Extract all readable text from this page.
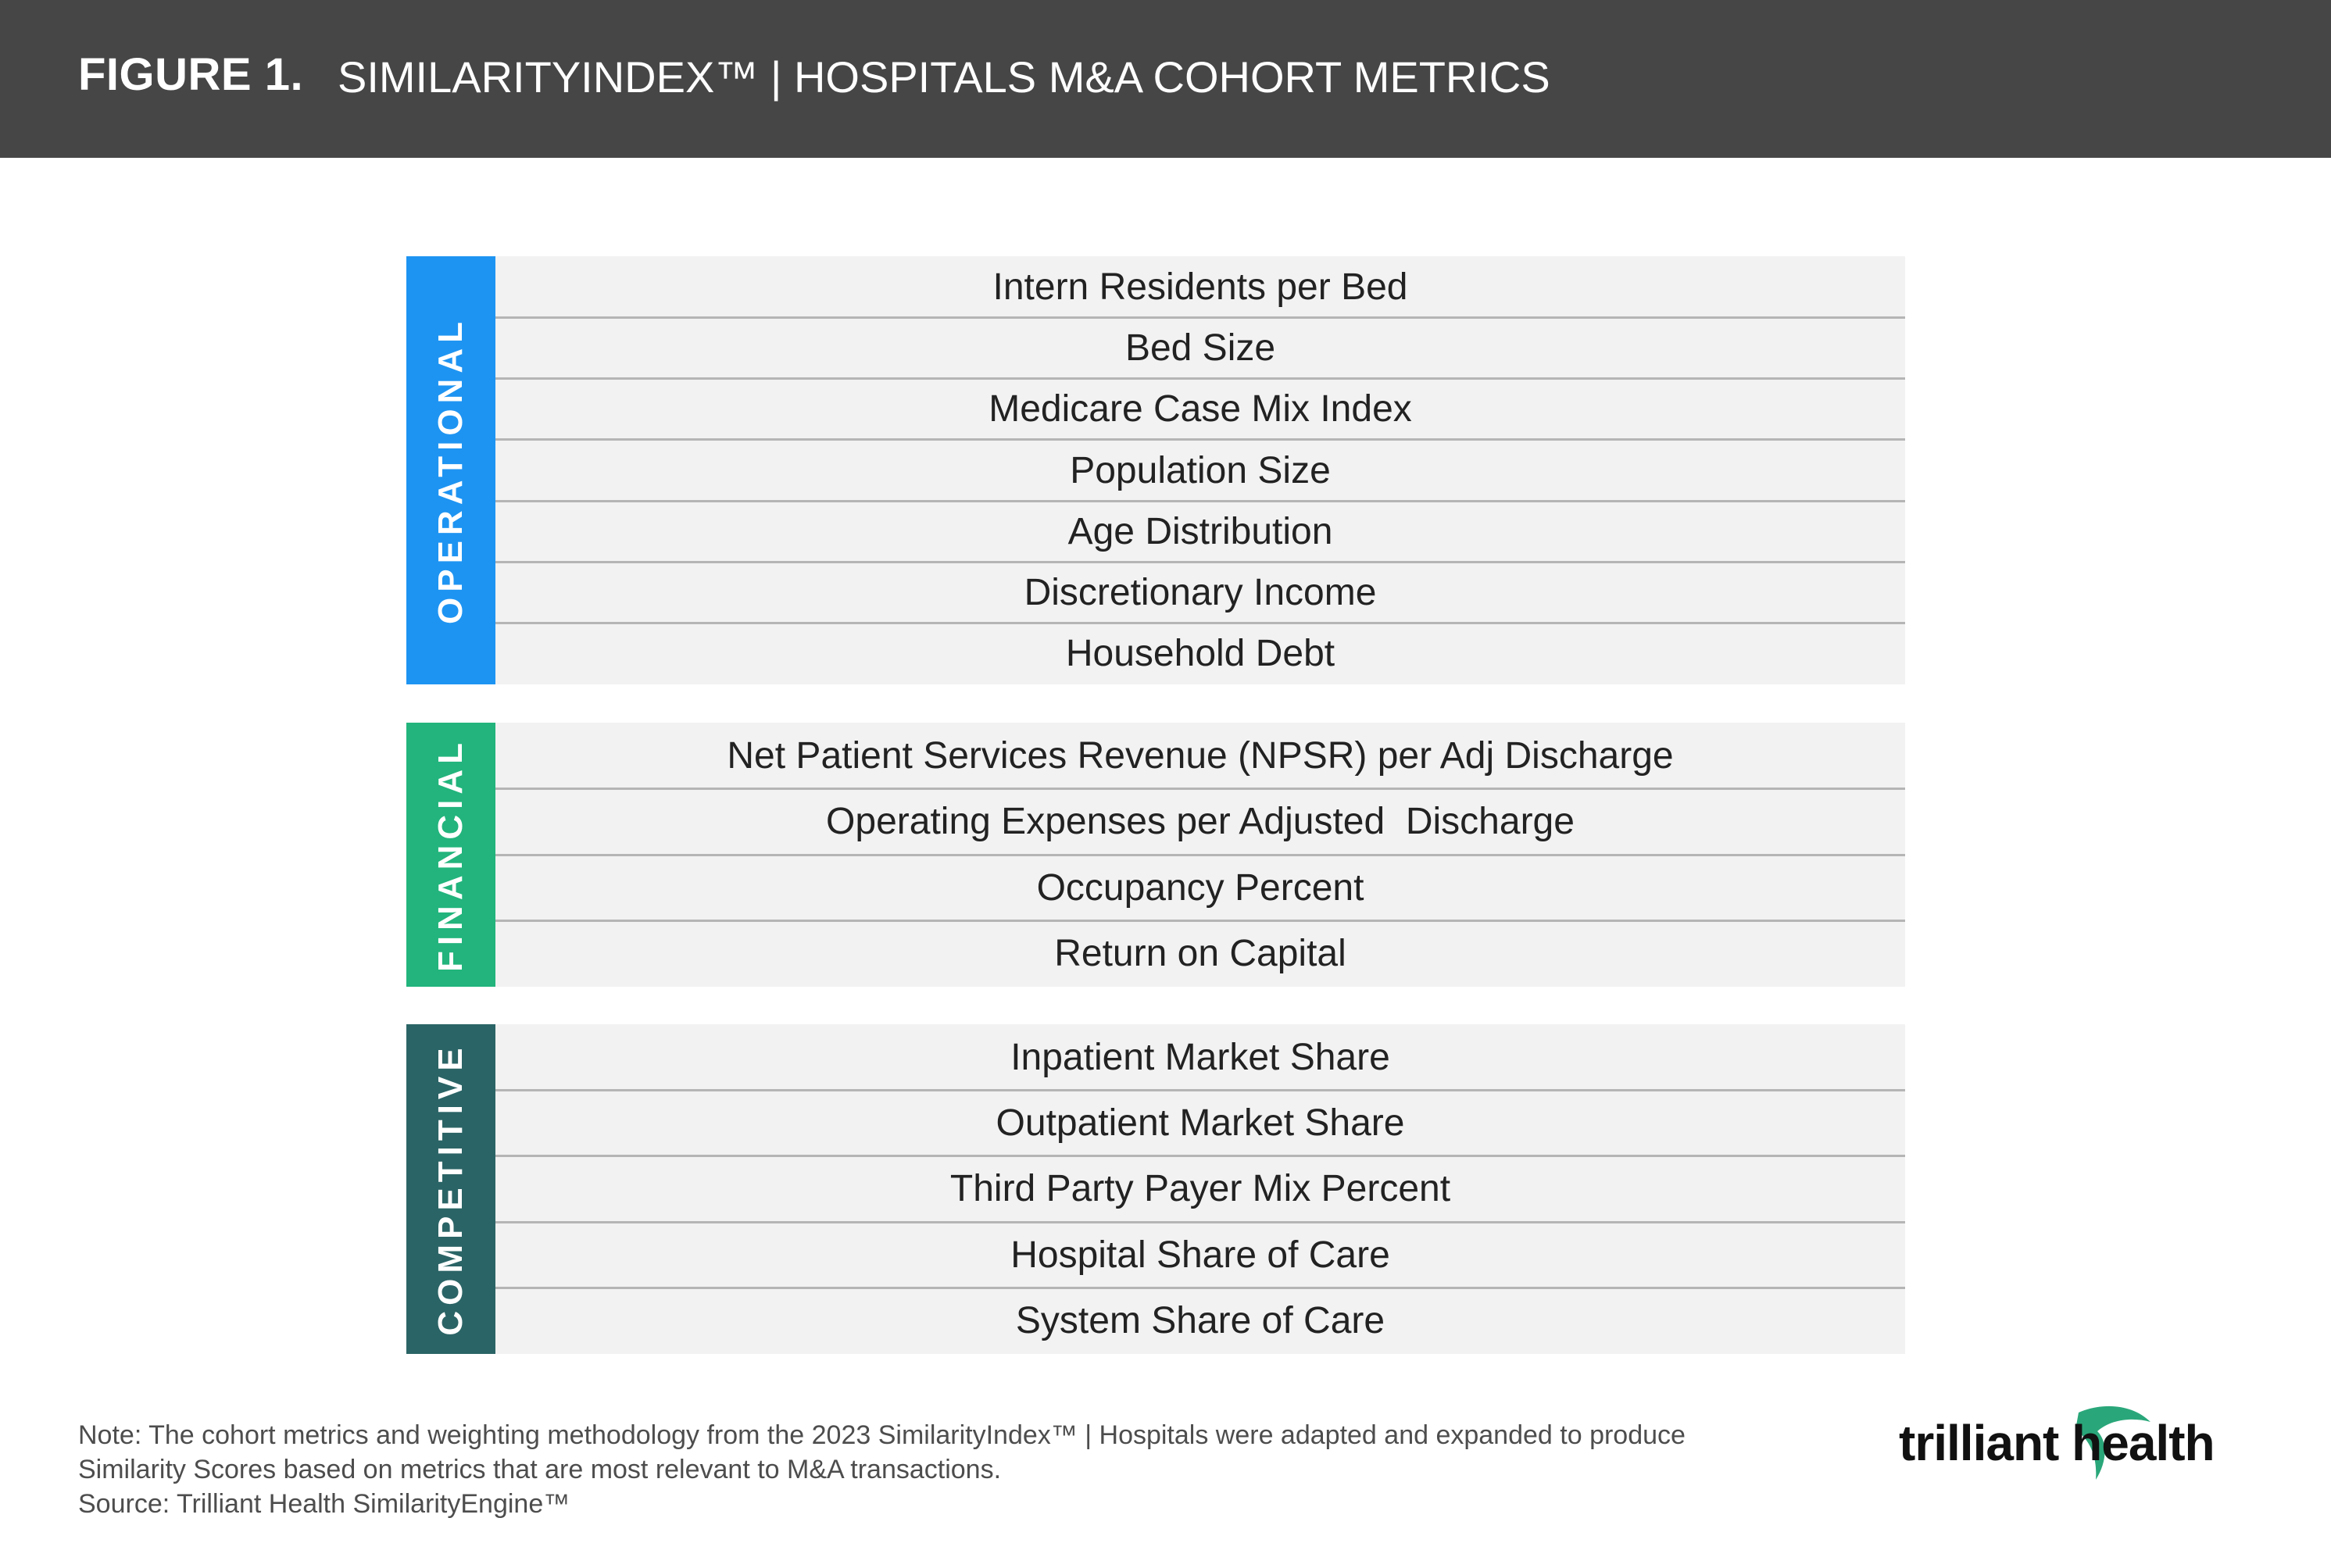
FIGURE 1. SIMILARITYINDEX™ | HOSPITALS M&A COHORT METRICS
OPERATIONAL
Intern Residents per Bed
Bed Size
Medicare Case Mix Index
Population Size
Age Distribution
Discretionary Income
Household Debt
FINANCIAL	Net Patient Services Revenue (NPSR) per Adj Discharge
Operating Expenses per Adjusted  Discharge
Occupancy Percent
Return on Capital
COMPETITIVE	Inpatient Market Share
Outpatient Market Share
Third Party Payer Mix Percent
Hospital Share of Care
System Share of Care
Note: The cohort metrics and weighting methodology from the 2023 SimilarityIndex™ | Hospitals were adapted and expanded to produce
Similarity Scores based on metrics that are most relevant to M&A transactions.
Source: Trilliant Health SimilarityEngine™
trilliant health
